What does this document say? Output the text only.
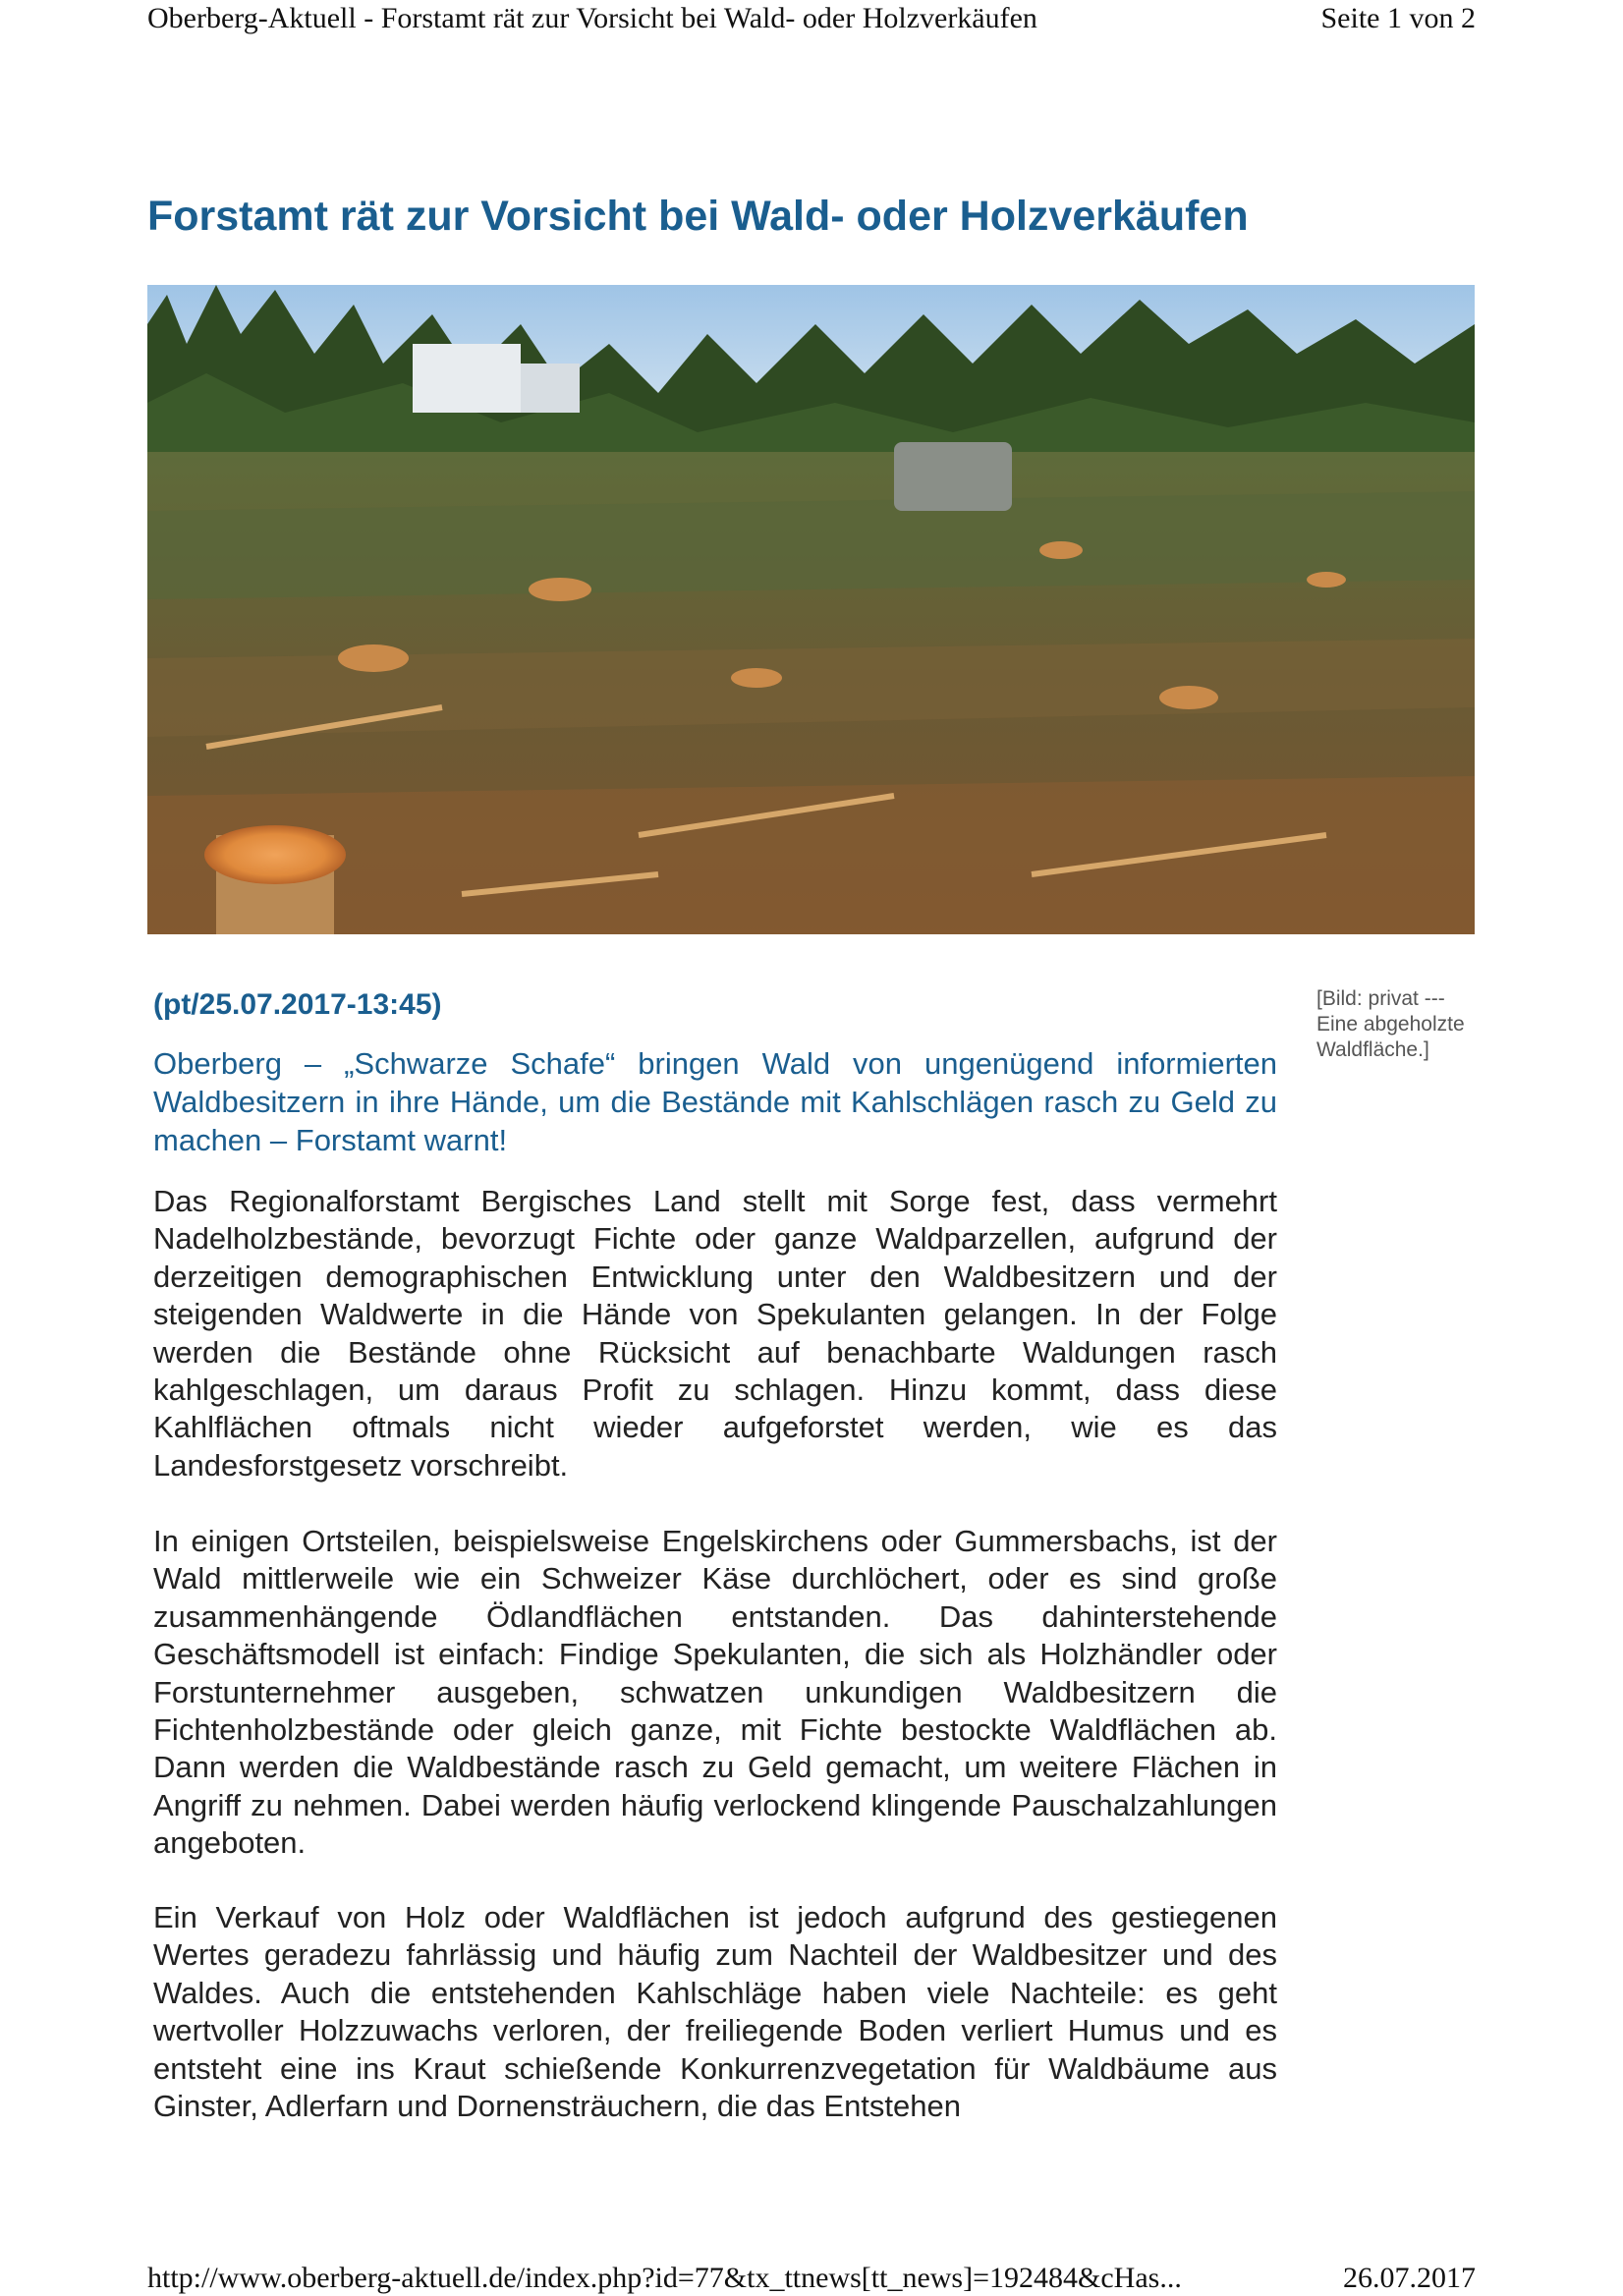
Oberberg-Aktuell - Forstamt rät zur Vorsicht bei Wald- oder Holzverkäufen	Seite 1 von 2
Forstamt rät zur Vorsicht bei Wald- oder Holzverkäufen
(pt/25.07.2017-13:45)	[Bild: privat --- Eine abgeholzte Waldfläche.]

Oberberg – „Schwarze Schafe“ bringen Wald von ungenügend informierten Waldbesitzern in ihre Hände, um die Bestände mit Kahlschlägen rasch zu Geld zu machen – Forstamt warnt!

Das Regionalforstamt Bergisches Land stellt mit Sorge fest, dass vermehrt Nadelholzbestände, bevorzugt Fichte oder ganze Waldparzellen, aufgrund der derzeitigen demographischen Entwicklung unter den Waldbesitzern und der steigenden Waldwerte in die Hände von Spekulanten gelangen. In der Folge werden die Bestände ohne Rücksicht auf benachbarte Waldungen rasch kahlgeschlagen, um daraus Profit zu schlagen. Hinzu kommt, dass diese Kahlflächen oftmals nicht wieder aufgeforstet werden, wie es das Landesforstgesetz vorschreibt.

In einigen Ortsteilen, beispielsweise Engelskirchens oder Gummersbachs, ist der Wald mittlerweile wie ein Schweizer Käse durchlöchert, oder es sind große zusammenhängende Ödlandflächen entstanden. Das dahinterstehende Geschäftsmodell ist einfach: Findige Spekulanten, die sich als Holzhändler oder Forstunternehmer ausgeben, schwatzen unkundigen Waldbesitzern die Fichtenholzbestände oder gleich ganze, mit Fichte bestockte Waldflächen ab. Dann werden die Waldbestände rasch zu Geld gemacht, um weitere Flächen in Angriff zu nehmen. Dabei werden häufig verlockend klingende Pauschalzahlungen angeboten.

Ein Verkauf von Holz oder Waldflächen ist jedoch aufgrund des gestiegenen Wertes geradezu fahrlässig und häufig zum Nachteil der Waldbesitzer und des Waldes. Auch die entstehenden Kahlschläge haben viele Nachteile: es geht wertvoller Holzzuwachs verloren, der freiliegende Boden verliert Humus und es entsteht eine ins Kraut schießende Konkurrenzvegetation für Waldbäume aus Ginster, Adlerfarn und Dornensträuchern, die das Entstehen

http://www.oberberg-aktuell.de/index.php?id=77&tx_ttnews[tt_news]=192484&cHas...	26.07.2017
